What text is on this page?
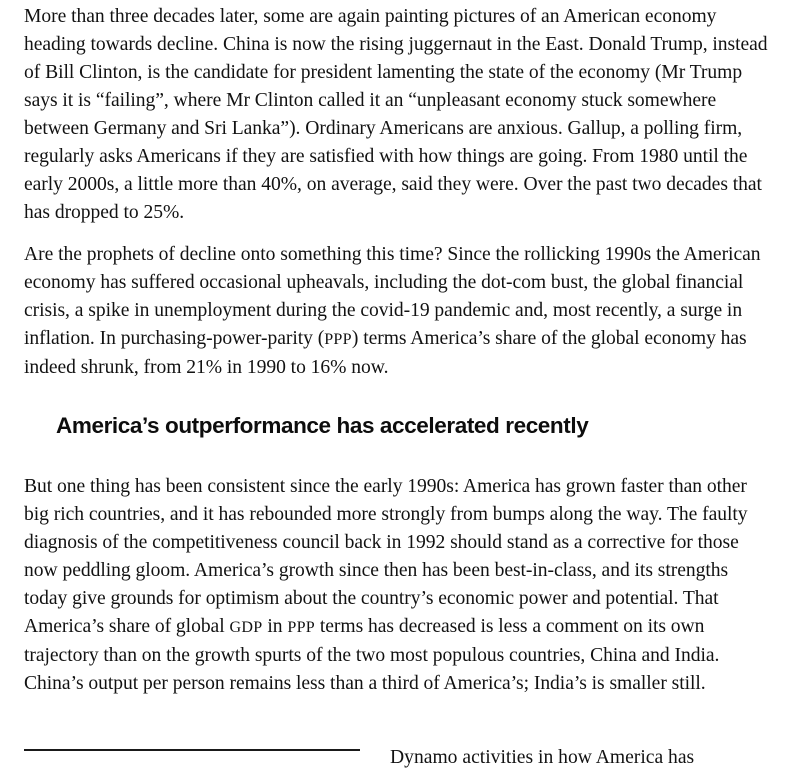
More than three decades later, some are again painting pictures of an American economy heading towards decline. China is now the rising juggernaut in the East. Donald Trump, instead of Bill Clinton, is the candidate for president lamenting the state of the economy (Mr Trump says it is “failing”, where Mr Clinton called it an “unpleasant economy stuck somewhere between Germany and Sri Lanka”). Ordinary Americans are anxious. Gallup, a polling firm, regularly asks Americans if they are satisfied with how things are going. From 1980 until the early 2000s, a little more than 40%, on average, said they were. Over the past two decades that has dropped to 25%.

Are the prophets of decline onto something this time? Since the rollicking 1990s the American economy has suffered occasional upheavals, including the dot-com bust, the global financial crisis, a spike in unemployment during the covid-19 pandemic and, most recently, a surge in inflation. In purchasing-power-parity (PPP) terms America’s share of the global economy has indeed shrunk, from 21% in 1990 to 16% now.

America’s outperformance has accelerated recently

But one thing has been consistent since the early 1990s: America has grown faster than other big rich countries, and it has rebounded more strongly from bumps along the way. The faulty diagnosis of the competitiveness council back in 1992 should stand as a corrective for those now peddling gloom. America’s growth since then has been best-in-class, and its strengths today give grounds for optimism about the country’s economic power and potential. That America’s share of global GDP in PPP terms has decreased is less a comment on its own trajectory than on the growth spurts of the two most populous countries, China and India. China’s output per person remains less than a third of America’s; India’s is smaller still.

Dynamo activities in how America has
